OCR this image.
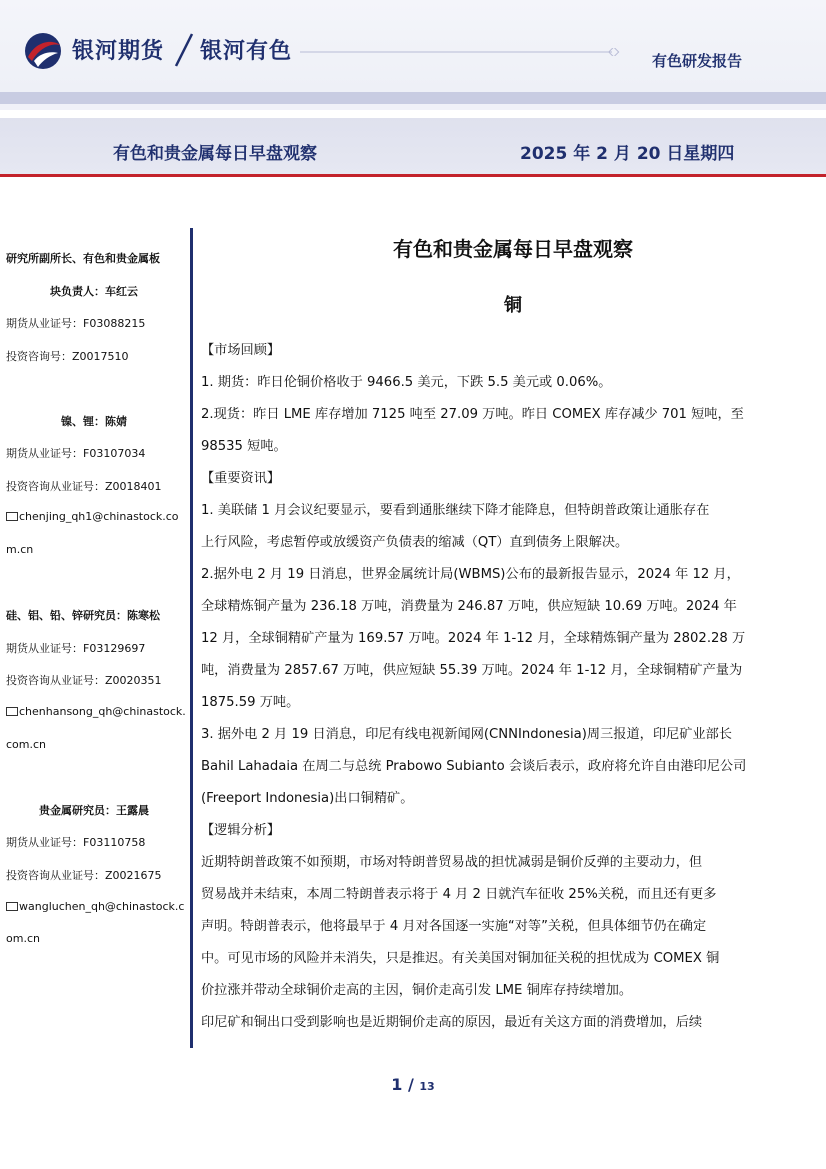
银河期货 银河有色	有色研发报告
有色和贵金属每日早盘观察	2025 年 2 月 20 日星期四
研究所副所长、有色和贵金属板
块负责人：车红云
期货从业证号：F03088215
投资咨询号：Z0017510
镍、锂：陈婧
期货从业证号：F03107034
投资咨询从业证号：Z0018401
chenjing_qh1@chinastock.co
m.cn
硅、铝、铅、锌研究员：陈寒松
期货从业证号：F03129697
投资咨询从业证号：Z0020351
chenhansong_qh@chinastock.
com.cn
贵金属研究员：王露晨
期货从业证号：F03110758
投资咨询从业证号：Z0021675
wangluchen_qh@chinastock.c
om.cn
有色和贵金属每日早盘观察
铜
【市场回顾】
1. 期货：昨日伦铜价格收于 9466.5 美元，下跌 5.5 美元或 0.06%。
2.现货：昨日 LME 库存增加 7125 吨至 27.09 万吨。昨日 COMEX 库存减少 701 短吨，至
98535 短吨。
【重要资讯】
1. 美联储 1 月会议纪要显示，要看到通胀继续下降才能降息，但特朗普政策让通胀存在
上行风险，考虑暂停或放缓资产负债表的缩减（QT）直到债务上限解决。
2.据外电 2 月 19 日消息，世界金属统计局(WBMS)公布的最新报告显示，2024 年 12 月，
全球精炼铜产量为 236.18 万吨，消费量为 246.87 万吨，供应短缺 10.69 万吨。2024 年
12 月，全球铜精矿产量为 169.57 万吨。2024 年 1-12 月，全球精炼铜产量为 2802.28 万
吨，消费量为 2857.67 万吨，供应短缺 55.39 万吨。2024 年 1-12 月，全球铜精矿产量为
1875.59 万吨。
3. 据外电 2 月 19 日消息，印尼有线电视新闻网(CNNIndonesia)周三报道，印尼矿业部长
Bahil Lahadaia 在周二与总统 Prabowo Subianto 会谈后表示，政府将允许自由港印尼公司
(Freeport Indonesia)出口铜精矿。
【逻辑分析】
近期特朗普政策不如预期，市场对特朗普贸易战的担忧减弱是铜价反弹的主要动力，但
贸易战并未结束，本周二特朗普表示将于 4 月 2 日就汽车征收 25%关税，而且还有更多
声明。特朗普表示，他将最早于 4 月对各国逐一实施“对等”关税，但具体细节仍在确定
中。可见市场的风险并未消失，只是推迟。有关美国对铜加征关税的担忧成为 COMEX 铜
价拉涨并带动全球铜价走高的主因，铜价走高引发 LME 铜库存持续增加。
印尼矿和铜出口受到影响也是近期铜价走高的原因，最近有关这方面的消费增加，后续
1 / 13
